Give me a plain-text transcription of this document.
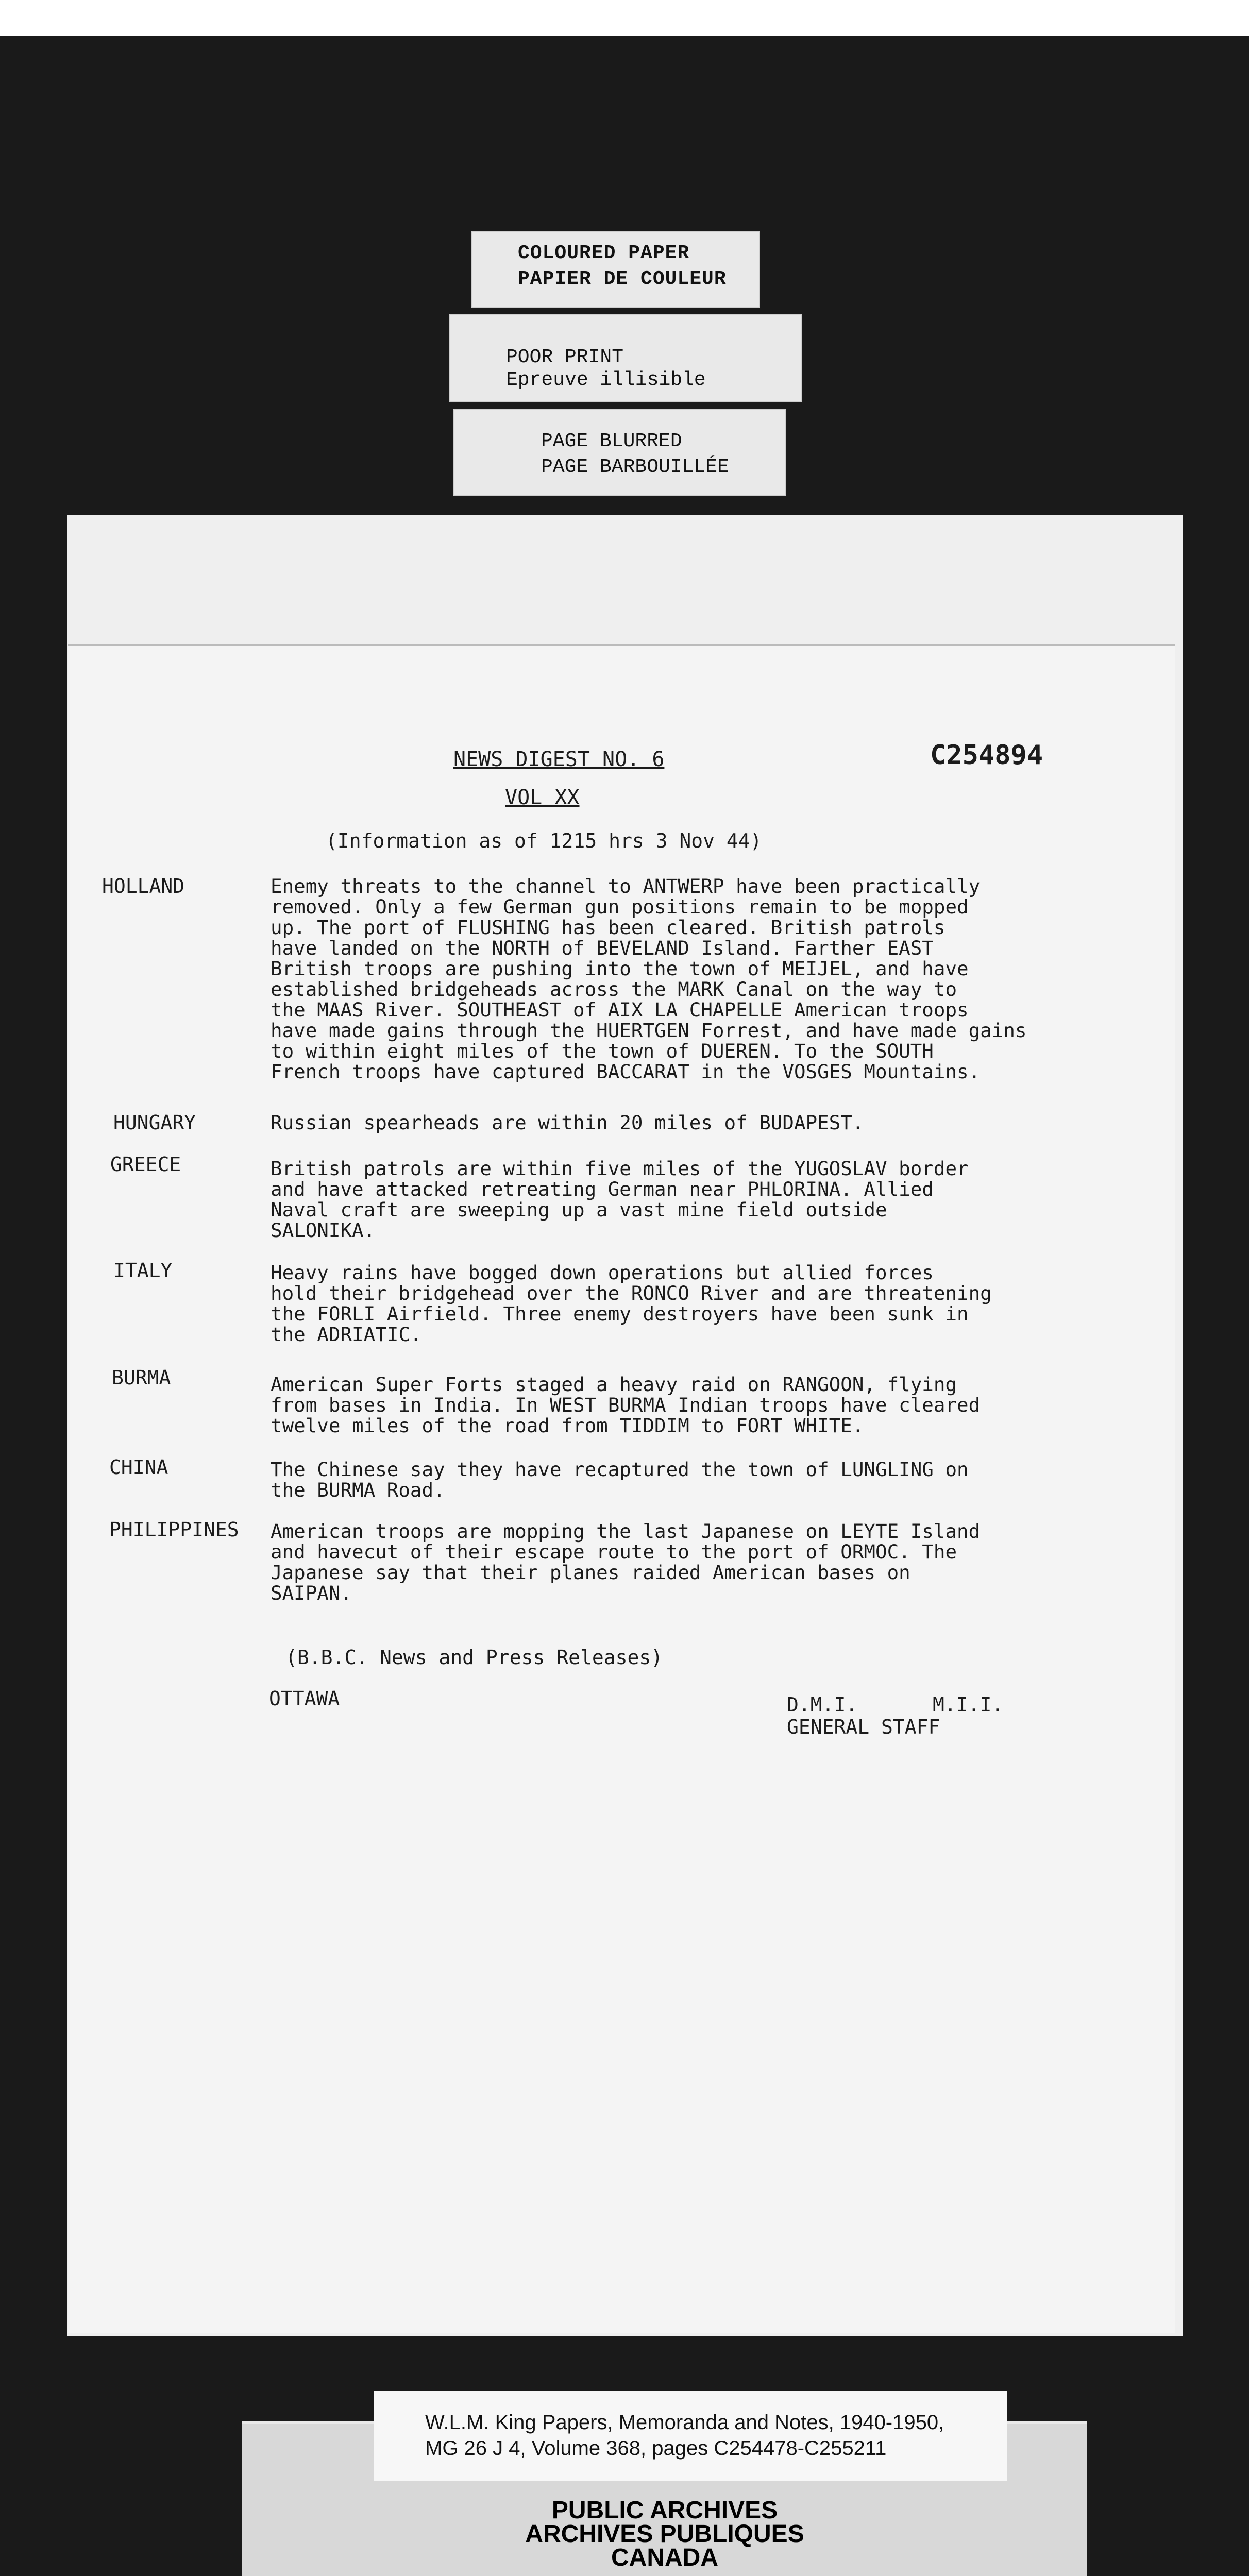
COLOURED PAPER
PAPIER DE COULEUR
POOR PRINT
Epreuve illisible
PAGE BLURRED
PAGE BARBOUILLÉE
NEWS DIGEST NO. 6	C254894
VOL XX
(Information as of 1215 hrs 3 Nov 44)
HOLLAND	Enemy threats to the channel to ANTWERP have been practically
removed. Only a few German gun positions remain to be mopped
up. The port of FLUSHING has been cleared. British patrols
have landed on the NORTH of BEVELAND Island. Farther EAST
British troops are pushing into the town of MEIJEL, and have
established bridgeheads across the MARK Canal on the way to
the MAAS River. SOUTHEAST of AIX LA CHAPELLE American troops
have made gains through the HUERTGEN Forrest, and have made gains
to within eight miles of the town of DUEREN. To the SOUTH
French troops have captured BACCARAT in the VOSGES Mountains.
HUNGARY	Russian spearheads are within 20 miles of BUDAPEST.
GREECE	British patrols are within five miles of the YUGOSLAV border
and have attacked retreating German near PHLORINA. Allied
Naval craft are sweeping up a vast mine field outside
SALONIKA.
ITALY	Heavy rains have bogged down operations but allied forces
hold their bridgehead over the RONCO River and are threatening
the FORLI Airfield. Three enemy destroyers have been sunk in
the ADRIATIC.
BURMA	American Super Forts staged a heavy raid on RANGOON, flying
from bases in India. In WEST BURMA Indian troops have cleared
twelve miles of the road from TIDDIM to FORT WHITE.
CHINA	The Chinese say they have recaptured the town of LUNGLING on
the BURMA Road.
PHILIPPINES American troops are mopping the last Japanese on LEYTE Island
and havecut of their escape route to the port of ORMOC. The
Japanese say that their planes raided American bases on
SAIPAN.
(B.B.C. News and Press Releases)
OTTAWA	D.M.I.	M.I.I.
GENERAL STAFF
W.L.M. King Papers, Memoranda and Notes, 1940-1950,
MG 26 J 4, Volume 368, pages C254478-C255211
PUBLIC ARCHIVES
ARCHIVES PUBLIQUES
CANADA
